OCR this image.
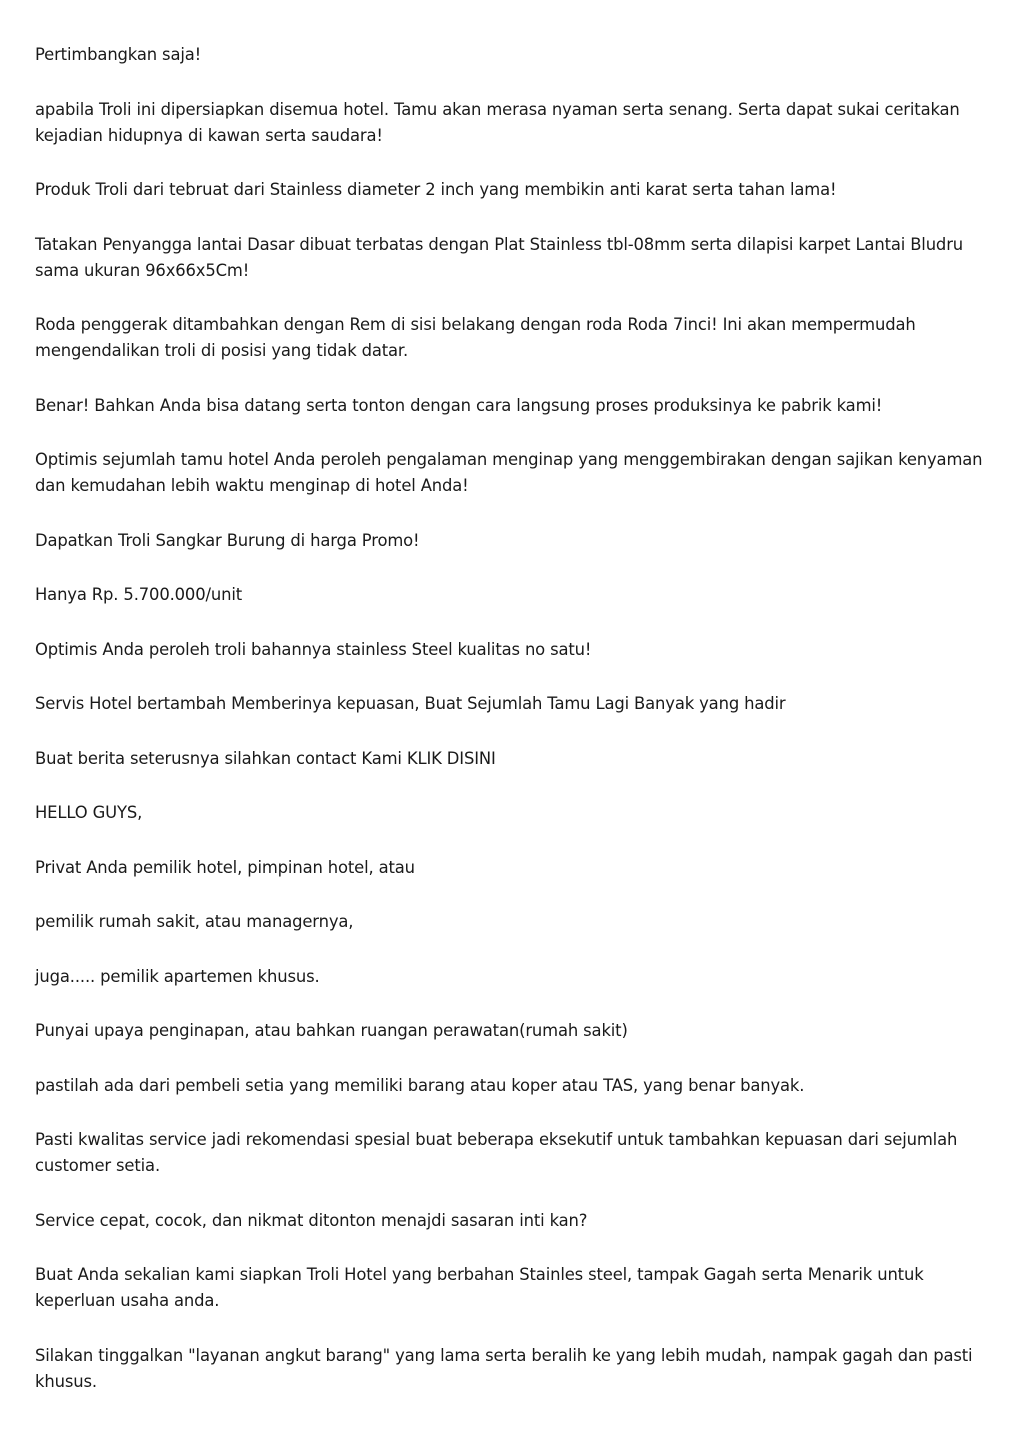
Pertimbangkan saja!

apabila Troli ini dipersiapkan disemua hotel. Tamu akan merasa nyaman serta senang. Serta dapat sukai ceritakan kejadian hidupnya di kawan serta saudara!

Produk Troli dari tebruat dari Stainless diameter 2 inch yang membikin anti karat serta tahan lama!

Tatakan Penyangga lantai Dasar dibuat terbatas dengan Plat Stainless tbl-08mm serta dilapisi karpet Lantai Bludru sama ukuran 96x66x5Cm!

Roda penggerak ditambahkan dengan Rem di sisi belakang dengan roda Roda 7inci! Ini akan mempermudah mengendalikan troli di posisi yang tidak datar.

Benar! Bahkan Anda bisa datang serta tonton dengan cara langsung proses produksinya ke pabrik kami!

Optimis sejumlah tamu hotel Anda peroleh pengalaman menginap yang menggembirakan dengan sajikan kenyaman dan kemudahan lebih waktu menginap di hotel Anda!

Dapatkan Troli Sangkar Burung di harga Promo!

Hanya Rp. 5.700.000/unit

Optimis Anda peroleh troli bahannya stainless Steel kualitas no satu!

Servis Hotel bertambah Memberinya kepuasan, Buat Sejumlah Tamu Lagi Banyak yang hadir

Buat berita seterusnya silahkan contact Kami KLIK DISINI

HELLO GUYS,

Privat Anda pemilik hotel, pimpinan hotel, atau

pemilik rumah sakit, atau managernya,

juga..... pemilik apartemen khusus.

Punyai upaya penginapan, atau bahkan ruangan perawatan(rumah sakit)

pastilah ada dari pembeli setia yang memiliki barang atau koper atau TAS, yang benar banyak.

Pasti kwalitas service jadi rekomendasi spesial buat beberapa eksekutif untuk tambahkan kepuasan dari sejumlah customer setia.

Service cepat, cocok, dan nikmat ditonton menajdi sasaran inti kan?

Buat Anda sekalian kami siapkan Troli Hotel yang berbahan Stainles steel, tampak Gagah serta Menarik untuk keperluan usaha anda.

Silakan tinggalkan "layanan angkut barang" yang lama serta beralih ke yang lebih mudah, nampak gagah dan pasti khusus.
